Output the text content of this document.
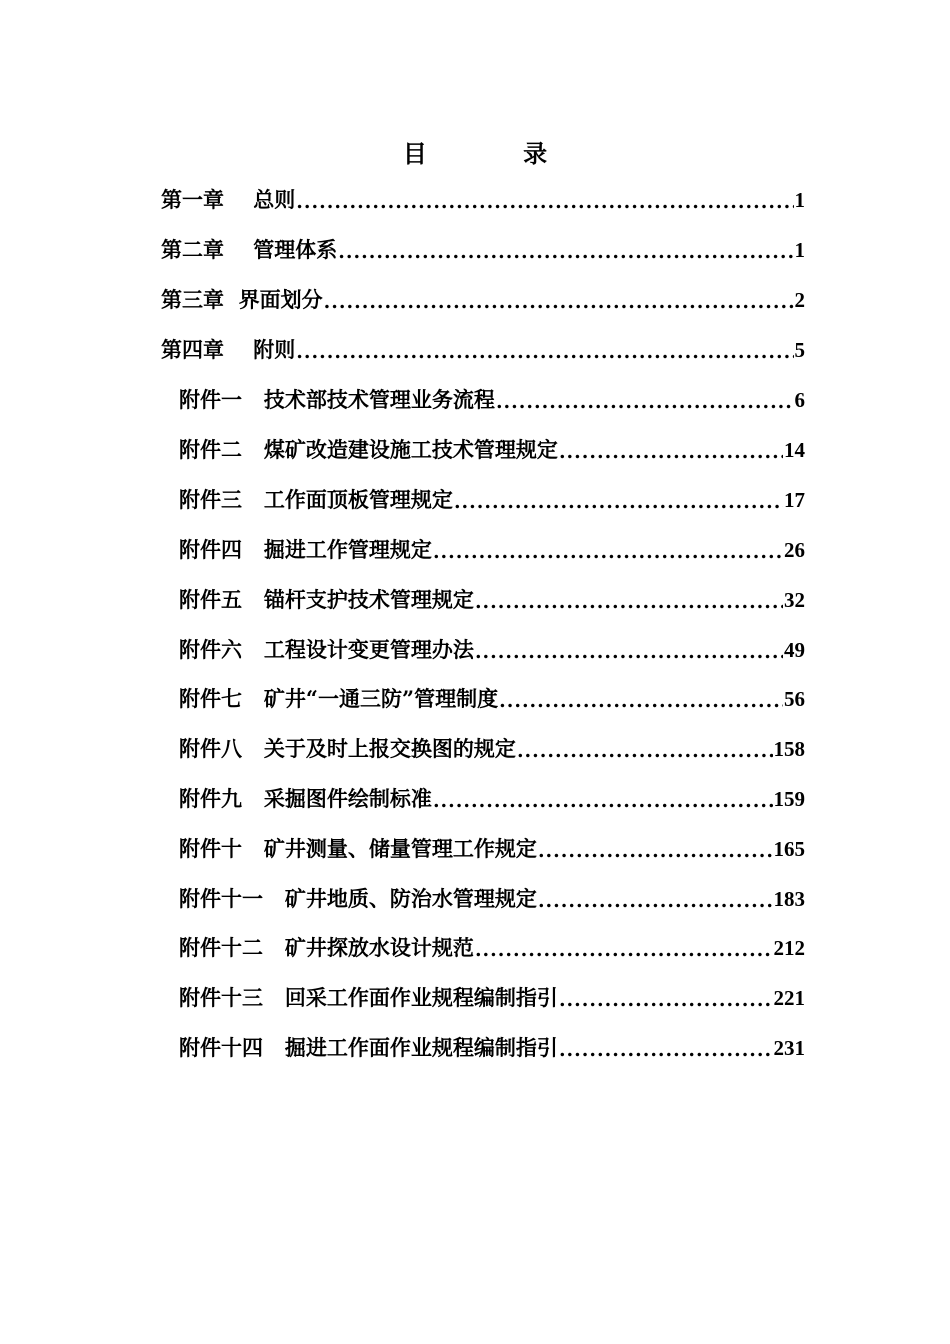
目 录
第一章    总则 .....	1
第二章    管理体系 .....	1
第三章  界面划分 .....	2
第四章    附则 .....	5
附件一   技术部技术管理业务流程 .....	6
附件二   煤矿改造建设施工技术管理规定 .....	14
附件三   工作面顶板管理规定 .....	17
附件四   掘进工作管理规定 .....	26
附件五   锚杆支护技术管理规定 .....	32
附件六   工程设计变更管理办法 .....	49
附件七   矿井“一通三防”管理制度 .....	56
附件八   关于及时上报交换图的规定 .....	158
附件九   采掘图件绘制标准 .....	159
附件十   矿井测量、储量管理工作规定 .....	165
附件十一   矿井地质、防治水管理规定 .....	183
附件十二   矿井探放水设计规范 .....	212
附件十三   回采工作面作业规程编制指引 .....	221
附件十四   掘进工作面作业规程编制指引 .....	231
